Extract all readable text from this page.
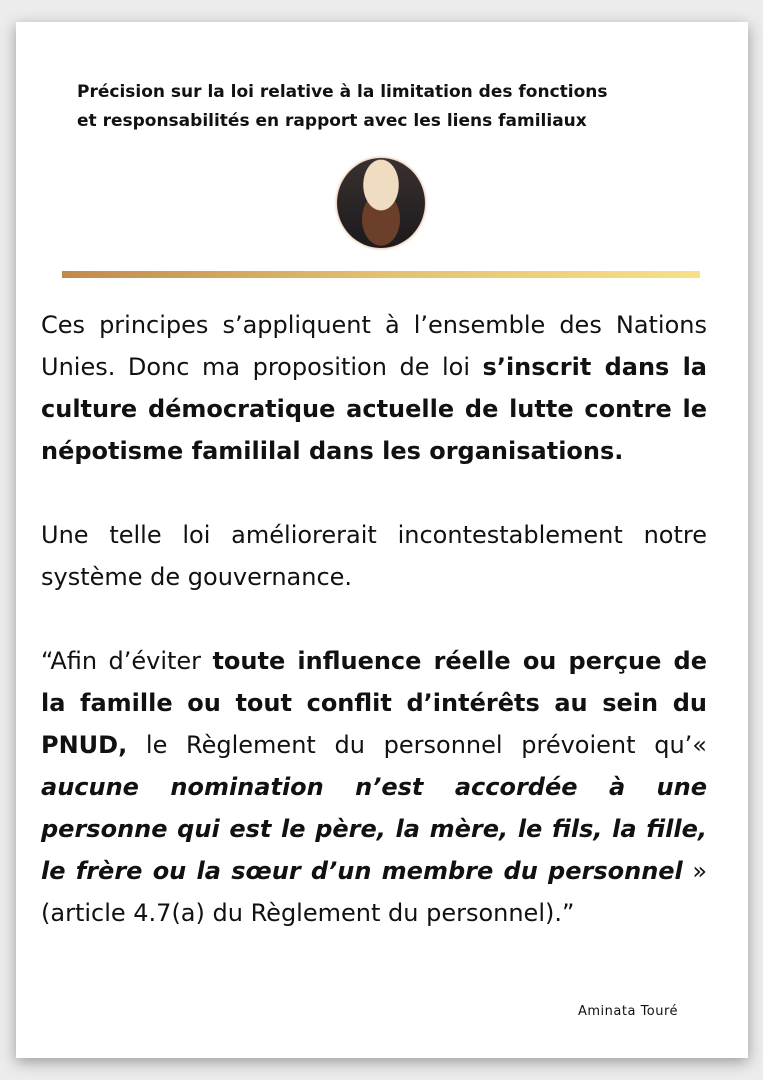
Précision sur la loi relative à la limitation des fonctions
et responsabilités en rapport avec les liens familiaux

Ces principes s’appliquent à l’ensemble des Nations Unies. Donc ma proposition de loi s’inscrit dans la culture démocratique actuelle de lutte contre le népotisme famililal dans les organisations.

Une telle loi améliorerait incontestablement notre système de gouvernance.

“Afin d’éviter toute influence réelle ou perçue de la famille ou tout conflit d’intérêts au sein du PNUD, le Règlement du personnel prévoient qu’« aucune nomination n’est accordée à une personne qui est le père, la mère, le fils, la fille, le frère ou la sœur d’un membre du personnel » (article 4.7(a) du Règlement du personnel).”

Aminata Touré
